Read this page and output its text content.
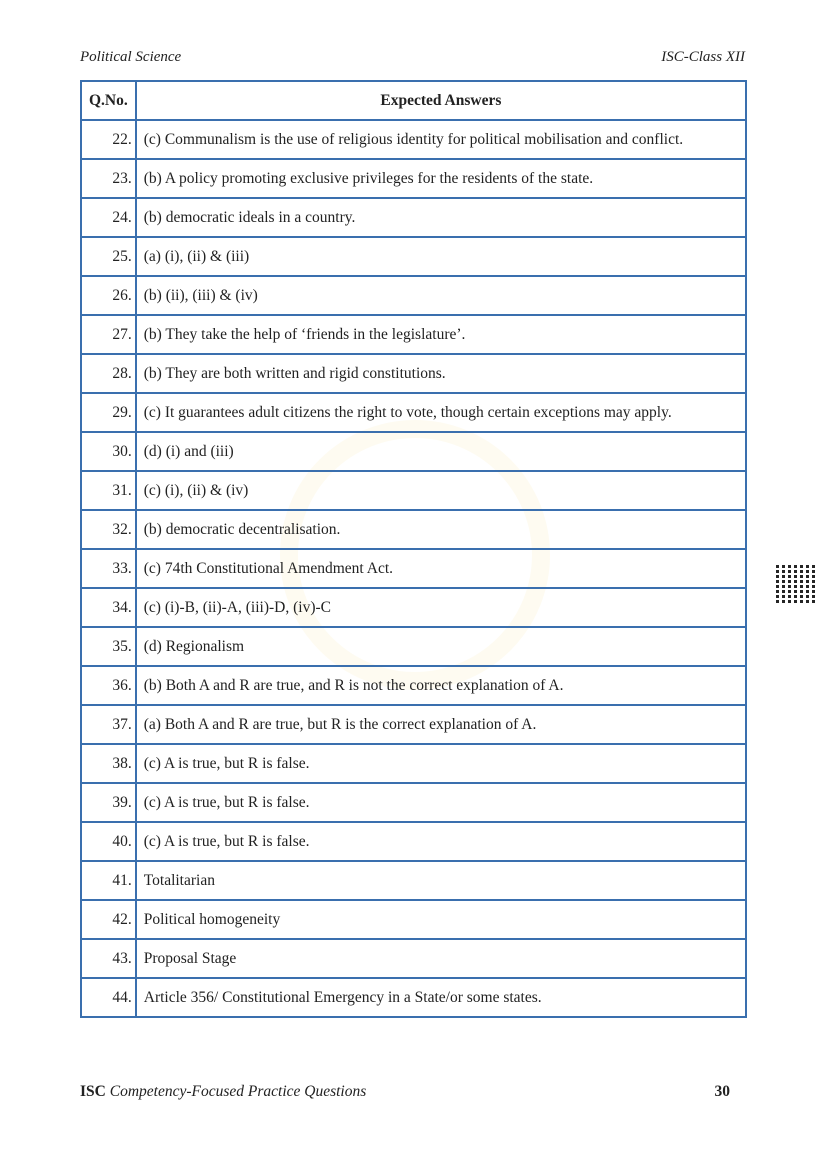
Political Science	ISC-Class XII
Q.No.	Expected Answers
22.	(c) Communalism is the use of religious identity for political mobilisation and conflict.
23.	(b) A policy promoting exclusive privileges for the residents of the state.
24.	(b) democratic ideals in a country.
25.	(a) (i), (ii) & (iii)
26.	(b) (ii), (iii) & (iv)
27.	(b) They take the help of ‘friends in the legislature’.
28.	(b) They are both written and rigid constitutions.
29.	(c) It guarantees adult citizens the right to vote, though certain exceptions may apply.
30.	(d) (i) and (iii)
31.	(c) (i), (ii) & (iv)
32.	(b) democratic decentralisation.
33.	(c) 74th Constitutional Amendment Act.
34.	(c) (i)-B, (ii)-A, (iii)-D, (iv)-C
35.	(d) Regionalism
36.	(b) Both A and R are true, and R is not the correct explanation of A.
37.	(a) Both A and R are true, but R is the correct explanation of A.
38.	(c) A is true, but R is false.
39.	(c) A is true, but R is false.
40.	(c) A is true, but R is false.
41.	Totalitarian
42.	Political homogeneity
43.	Proposal Stage
44.	Article 356/ Constitutional Emergency in a State/or some states.
ISC Competency-Focused Practice Questions	30
